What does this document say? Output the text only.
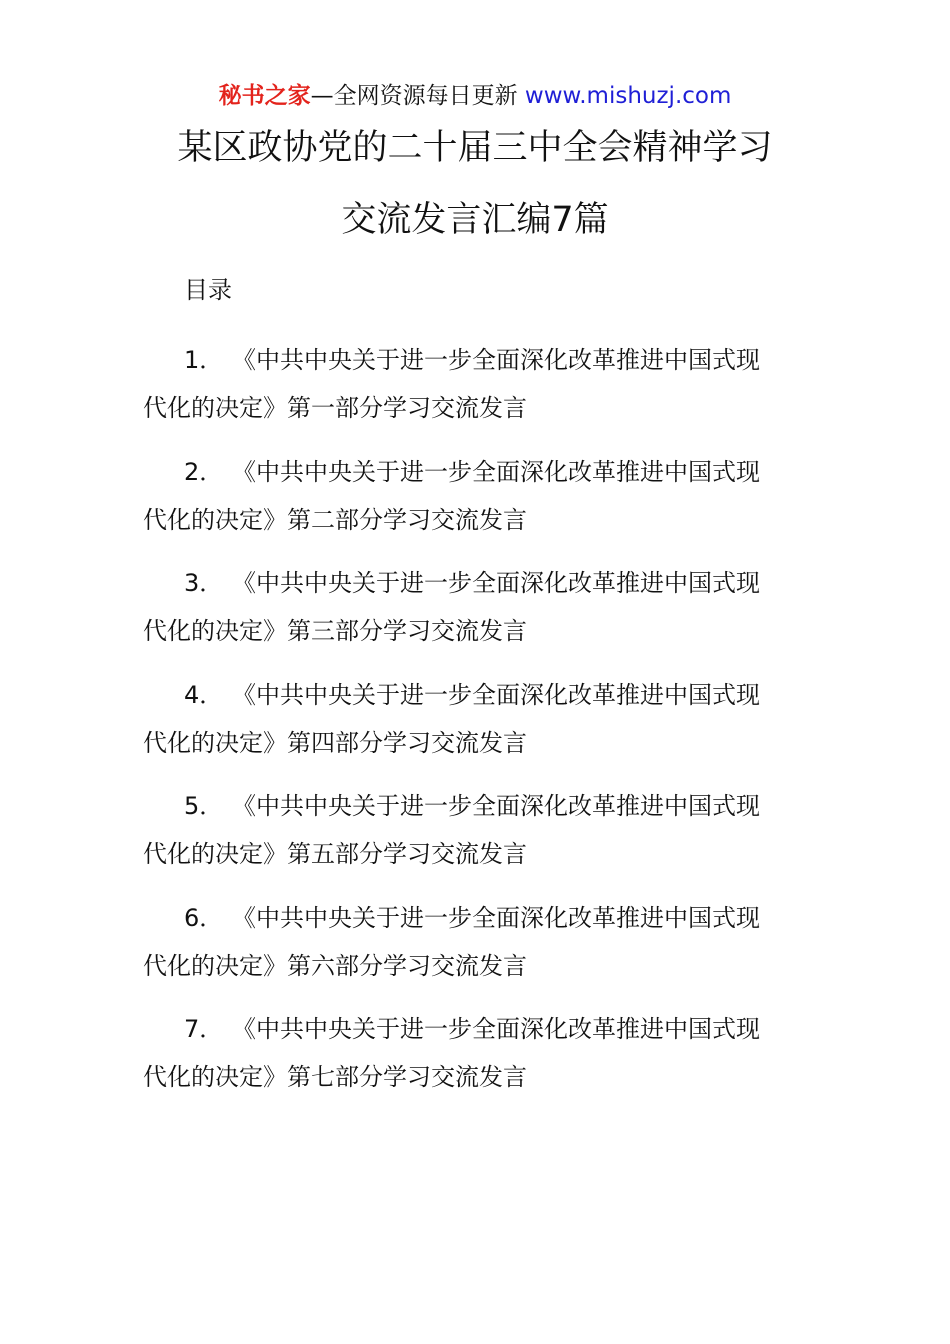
秘书之家—全网资源每日更新 www.mishuzj.com
某区政协党的二十届三中全会精神学习
交流发言汇编7篇
目录
1． 《中共中央关于进一步全面深化改革推进中国式现
代化的决定》第一部分学习交流发言
2． 《中共中央关于进一步全面深化改革推进中国式现
代化的决定》第二部分学习交流发言
3． 《中共中央关于进一步全面深化改革推进中国式现
代化的决定》第三部分学习交流发言
4． 《中共中央关于进一步全面深化改革推进中国式现
代化的决定》第四部分学习交流发言
5． 《中共中央关于进一步全面深化改革推进中国式现
代化的决定》第五部分学习交流发言
6． 《中共中央关于进一步全面深化改革推进中国式现
代化的决定》第六部分学习交流发言
7． 《中共中央关于进一步全面深化改革推进中国式现
代化的决定》第七部分学习交流发言
